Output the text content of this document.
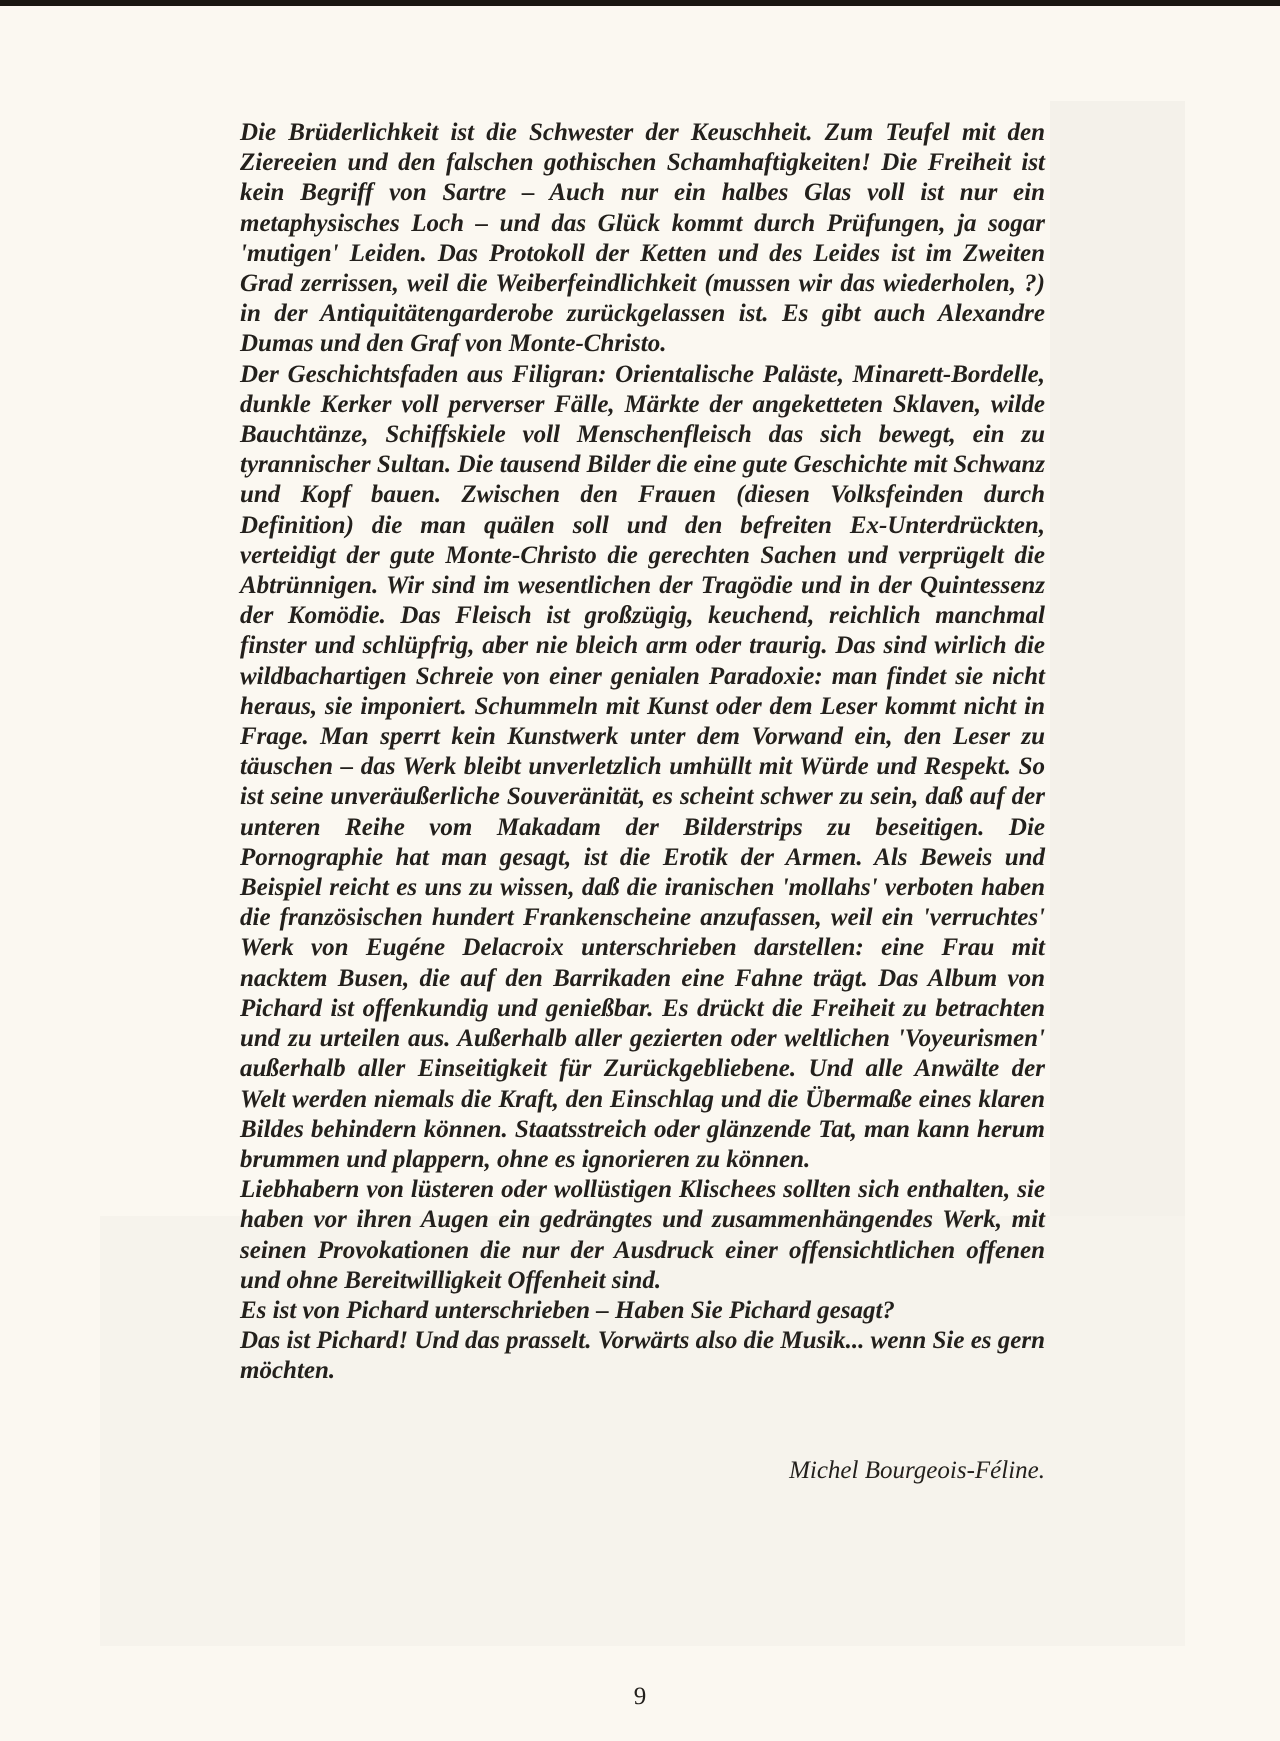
Die Brüderlichkeit ist die Schwester der Keuschheit. Zum Teufel mit den Ziereeien und den falschen gothischen Schamhaftigkeiten! Die Freiheit ist kein Begriff von Sartre – Auch nur ein halbes Glas voll ist nur ein metaphysisches Loch – und das Glück kommt durch Prüfungen, ja sogar 'mutigen' Leiden. Das Protokoll der Ketten und des Leides ist im Zweiten Grad zerrissen, weil die Weiberfeindlichkeit (mussen wir das wiederholen, ?) in der Antiquitätengarderobe zurückgelassen ist. Es gibt auch Alexandre Dumas und den Graf von Monte-Christo.

Der Geschichtsfaden aus Filigran: Orientalische Paläste, Minarett-Bordelle, dunkle Kerker voll perverser Fälle, Märkte der angeketteten Sklaven, wilde Bauchtänze, Schiffskiele voll Menschenfleisch das sich bewegt, ein zu tyrannischer Sultan. Die tausend Bilder die eine gute Geschichte mit Schwanz und Kopf bauen. Zwischen den Frauen (diesen Volksfeinden durch Definition) die man quälen soll und den befreiten Ex-Unterdrückten, verteidigt der gute Monte-Christo die gerechten Sachen und verprügelt die Abtrünnigen. Wir sind im wesentlichen der Tragödie und in der Quintessenz der Komödie. Das Fleisch ist großzügig, keuchend, reichlich manchmal finster und schlüpfrig, aber nie bleich arm oder traurig. Das sind wirlich die wildbachartigen Schreie von einer genialen Paradoxie: man findet sie nicht heraus, sie imponiert. Schummeln mit Kunst oder dem Leser kommt nicht in Frage. Man sperrt kein Kunstwerk unter dem Vorwand ein, den Leser zu täuschen – das Werk bleibt unverletzlich umhüllt mit Würde und Respekt. So ist seine unveräußerliche Souveränität, es scheint schwer zu sein, daß auf der unteren Reihe vom Makadam der Bilderstrips zu beseitigen. Die Pornographie hat man gesagt, ist die Erotik der Armen. Als Beweis und Beispiel reicht es uns zu wissen, daß die iranischen 'mollahs' verboten haben die französischen hundert Frankenscheine anzufassen, weil ein 'verruchtes' Werk von Eugéne Delacroix unterschrieben darstellen: eine Frau mit nacktem Busen, die auf den Barrikaden eine Fahne trägt. Das Album von Pichard ist offenkundig und genießbar. Es drückt die Freiheit zu betrachten und zu urteilen aus. Außerhalb aller gezierten oder weltlichen 'Voyeurismen' außerhalb aller Einseitigkeit für Zurückgebliebene. Und alle Anwälte der Welt werden niemals die Kraft, den Einschlag und die Übermaße eines klaren Bildes behindern können. Staatsstreich oder glänzende Tat, man kann herum brummen und plappern, ohne es ignorieren zu können.

Liebhabern von lüsteren oder wollüstigen Klischees sollten sich enthalten, sie haben vor ihren Augen ein gedrängtes und zusammenhängendes Werk, mit seinen Provokationen die nur der Ausdruck einer offensichtlichen offenen und ohne Bereitwilligkeit Offenheit sind.

Es ist von Pichard unterschrieben – Haben Sie Pichard gesagt?

Das ist Pichard! Und das prasselt. Vorwärts also die Musik... wenn Sie es gern möchten.

Michel Bourgeois-Féline.
9
